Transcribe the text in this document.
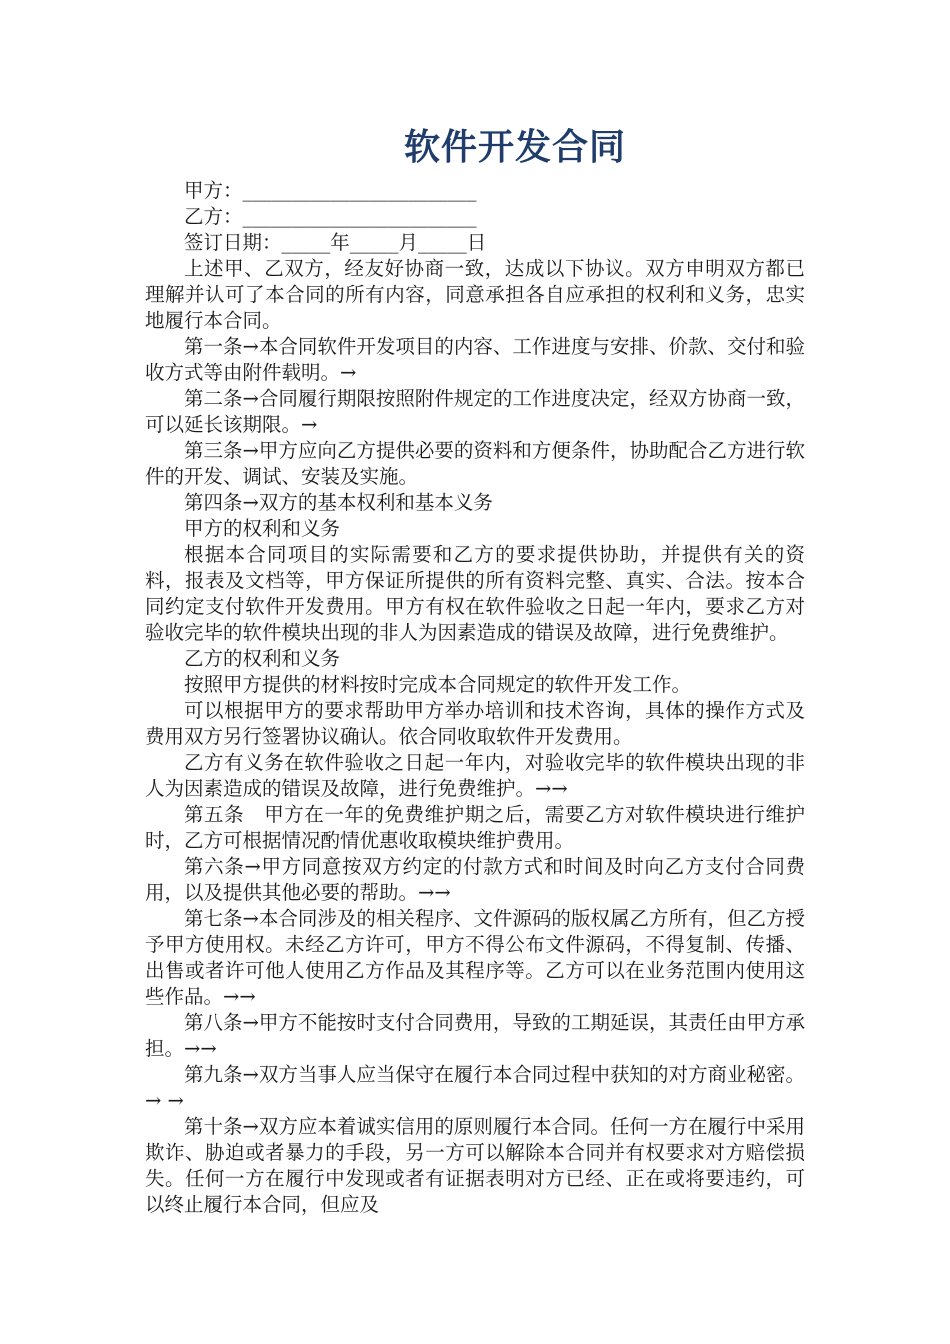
软件开发合同

甲方：________________________

乙方：________________________

签订日期：_____年_____月_____日

上述甲、乙双方，经友好协商一致，达成以下协议。双方申明双方都已理解并认可了本合同的所有内容，同意承担各自应承担的权利和义务，忠实地履行本合同。

第一条→本合同软件开发项目的内容、工作进度与安排、价款、交付和验收方式等由附件载明。→

第二条→合同履行期限按照附件规定的工作进度决定，经双方协商一致，可以延长该期限。→

第三条→甲方应向乙方提供必要的资料和方便条件，协助配合乙方进行软件的开发、调试、安装及实施。

第四条→双方的基本权利和基本义务

甲方的权利和义务

根据本合同项目的实际需要和乙方的要求提供协助，并提供有关的资料，报表及文档等，甲方保证所提供的所有资料完整、真实、合法。按本合同约定支付软件开发费用。甲方有权在软件验收之日起一年内，要求乙方对验收完毕的软件模块出现的非人为因素造成的错误及故障，进行免费维护。

乙方的权利和义务

按照甲方提供的材料按时完成本合同规定的软件开发工作。

可以根据甲方的要求帮助甲方举办培训和技术咨询，具体的操作方式及费用双方另行签署协议确认。依合同收取软件开发费用。

乙方有义务在软件验收之日起一年内，对验收完毕的软件模块出现的非人为因素造成的错误及故障，进行免费维护。→→

第五条　甲方在一年的免费维护期之后，需要乙方对软件模块进行维护时，乙方可根据情况酌情优惠收取模块维护费用。

第六条→甲方同意按双方约定的付款方式和时间及时向乙方支付合同费用，以及提供其他必要的帮助。→→

第七条→本合同涉及的相关程序、文件源码的版权属乙方所有，但乙方授予甲方使用权。未经乙方许可，甲方不得公布文件源码，不得复制、传播、出售或者许可他人使用乙方作品及其程序等。乙方可以在业务范围内使用这些作品。→→

第八条→甲方不能按时支付合同费用，导致的工期延误，其责任由甲方承担。→→

第九条→双方当事人应当保守在履行本合同过程中获知的对方商业秘密。→ →

第十条→双方应本着诚实信用的原则履行本合同。任何一方在履行中采用欺诈、胁迫或者暴力的手段，另一方可以解除本合同并有权要求对方赔偿损失。任何一方在履行中发现或者有证据表明对方已经、正在或将要违约，可以终止履行本合同，但应及
